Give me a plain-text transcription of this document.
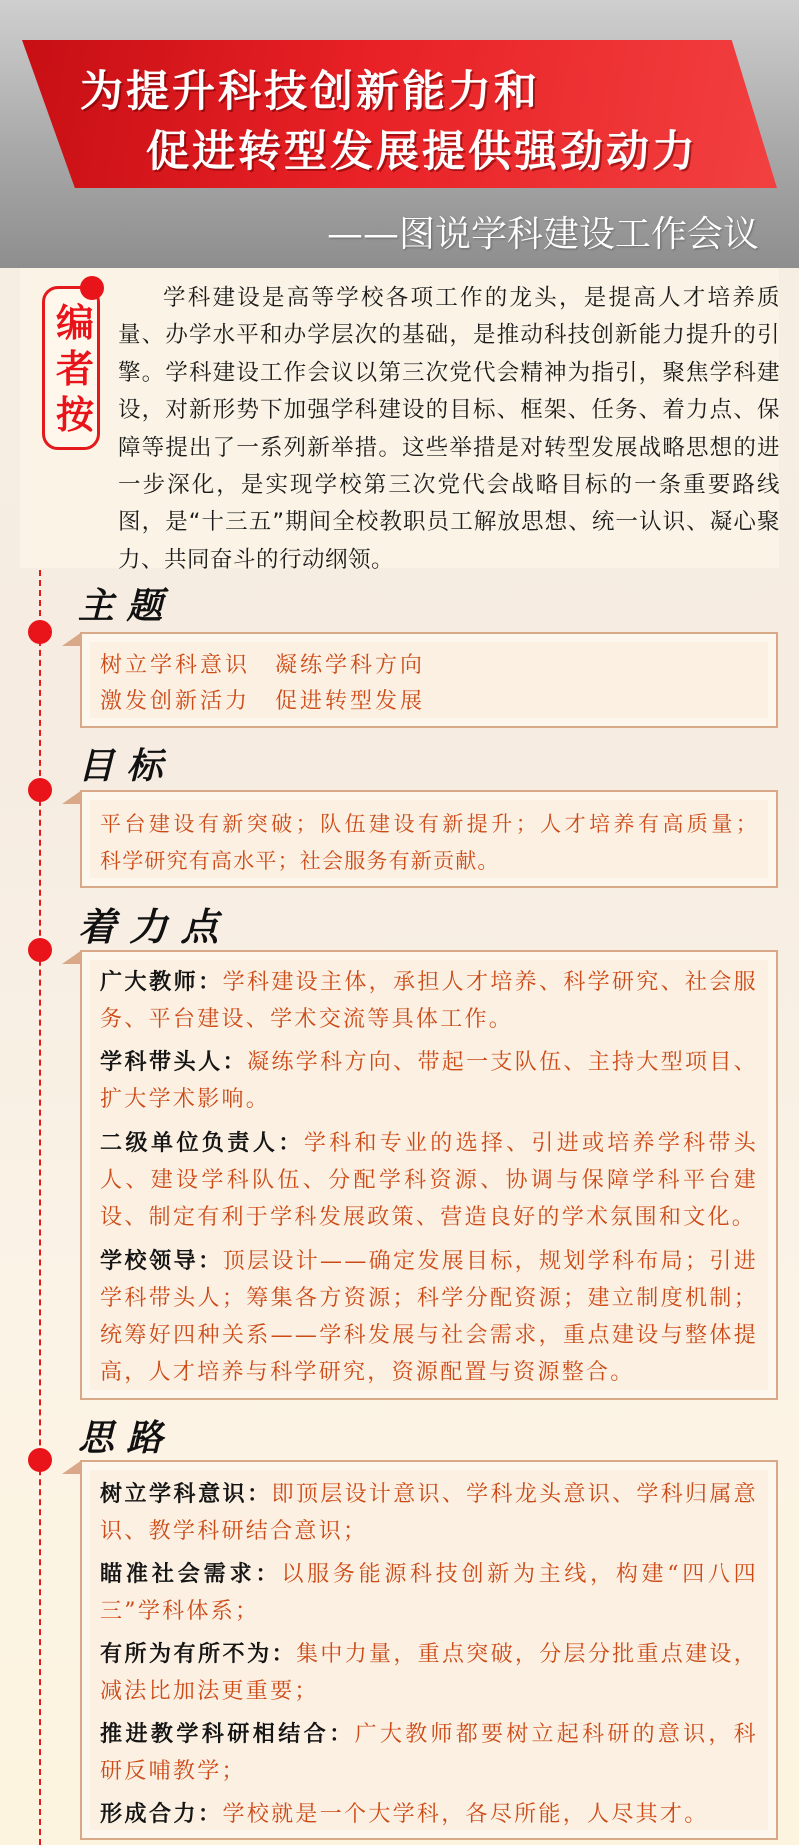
为提升科技创新能力和
促进转型发展提供强劲动力
——图说学科建设工作会议
编
者
按

学科建设是高等学校各项工作的龙头，是提高人才培养质量、办学水平和办学层次的基础，是推动科技创新能力提升的引擎。学科建设工作会议以第三次党代会精神为指引，聚焦学科建设，对新形势下加强学科建设的目标、框架、任务、着力点、保障等提出了一系列新举措。这些举措是对转型发展战略思想的进一步深化，是实现学校第三次党代会战略目标的一条重要路线图，是“十三五”期间全校教职员工解放思想、统一认识、凝心聚力、共同奋斗的行动纲领。

主 题
树立学科意识　凝练学科方向
激发创新活力　促进转型发展
目 标
平台建设有新突破；队伍建设有新提升；人才培养有高质量；
科学研究有高水平；社会服务有新贡献。
着 力 点

广大教师：学科建设主体，承担人才培养、科学研究、社会服务、平台建设、学术交流等具体工作。

学科带头人：凝练学科方向、带起一支队伍、主持大型项目、扩大学术影响。

二级单位负责人：学科和专业的选择、引进或培养学科带头人、建设学科队伍、分配学科资源、协调与保障学科平台建设、制定有利于学科发展政策、营造良好的学术氛围和文化。

学校领导：顶层设计——确定发展目标，规划学科布局；引进学科带头人；筹集各方资源；科学分配资源；建立制度机制；统筹好四种关系——学科发展与社会需求，重点建设与整体提高，人才培养与科学研究，资源配置与资源整合。

思 路

树立学科意识：即顶层设计意识、学科龙头意识、学科归属意识、教学科研结合意识；

瞄准社会需求：以服务能源科技创新为主线，构建“四八四三”学科体系；

有所为有所不为：集中力量，重点突破，分层分批重点建设，减法比加法更重要；

推进教学科研相结合：广大教师都要树立起科研的意识，科研反哺教学；

形成合力：学校就是一个大学科，各尽所能，人尽其才。
